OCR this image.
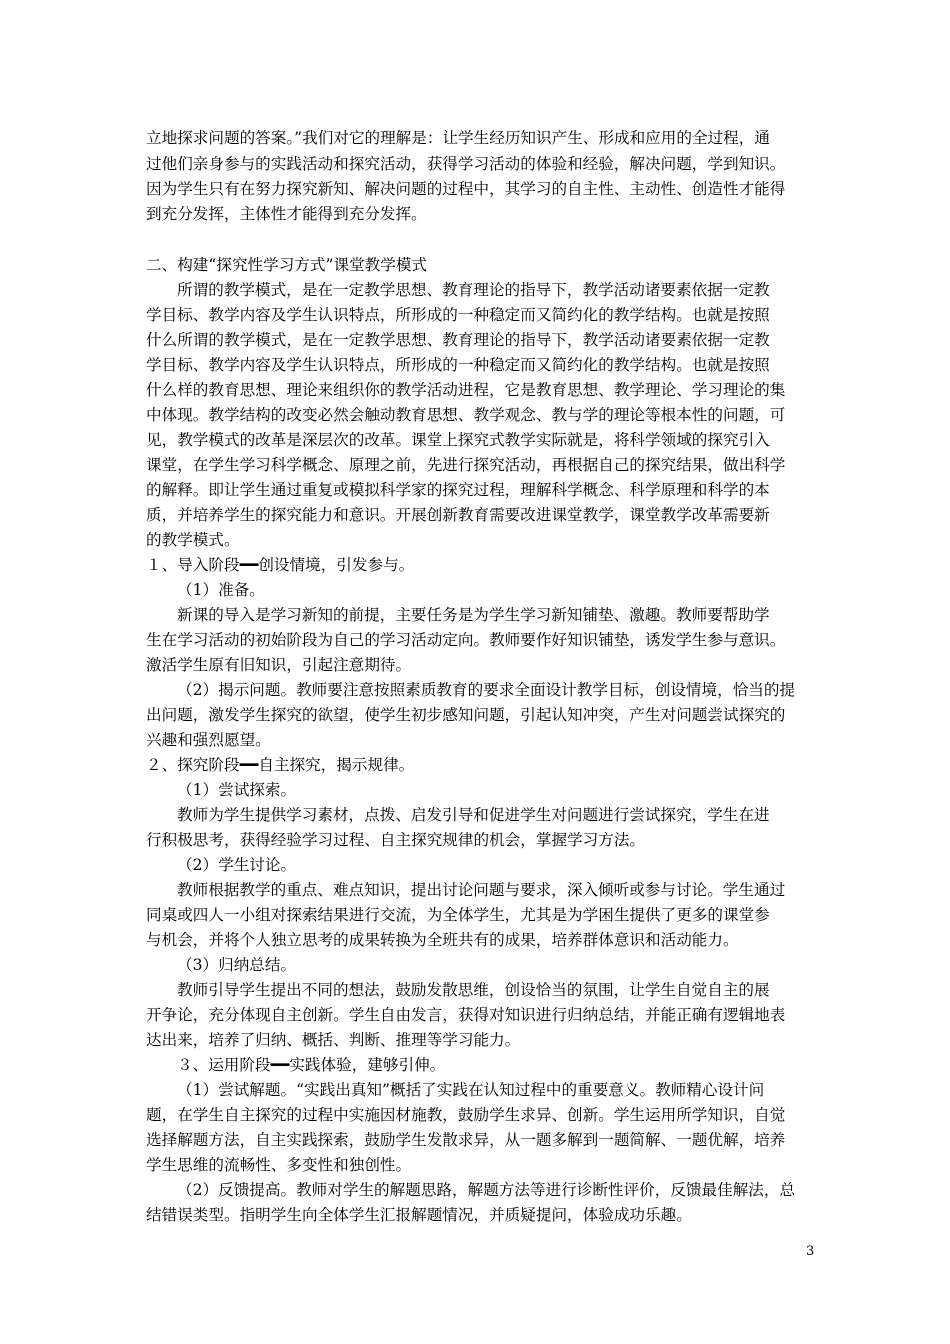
立地探求问题的答案。”我们对它的理解是：让学生经历知识产生、形成和应用的全过程，通
过他们亲身参与的实践活动和探究活动，获得学习活动的体验和经验，解决问题，学到知识。
因为学生只有在努力探究新知、解决问题的过程中，其学习的自主性、主动性、创造性才能得
到充分发挥，主体性才能得到充分发挥。
二、构建“探究性学习方式”课堂教学模式
所谓的教学模式，是在一定教学思想、教育理论的指导下，教学活动诸要素依据一定教
学目标、教学内容及学生认识特点，所形成的一种稳定而又简约化的教学结构。也就是按照
什么所谓的教学模式，是在一定教学思想、教育理论的指导下，教学活动诸要素依据一定教
学目标、教学内容及学生认识特点，所形成的一种稳定而又简约化的教学结构。也就是按照
什么样的教育思想、理论来组织你的教学活动进程，它是教育思想、教学理论、学习理论的集
中体现。教学结构的改变必然会触动教育思想、教学观念、教与学的理论等根本性的问题，可
见，教学模式的改革是深层次的改革。课堂上探究式教学实际就是，将科学领域的探究引入
课堂，在学生学习科学概念、原理之前，先进行探究活动，再根据自己的探究结果，做出科学
的解释。即让学生通过重复或模拟科学家的探究过程，理解科学概念、科学原理和科学的本
质，并培养学生的探究能力和意识。开展创新教育需要改进课堂教学，课堂教学改革需要新
的教学模式。
１、导入阶段━━创设情境，引发参与。
（1）准备。
新课的导入是学习新知的前提，主要任务是为学生学习新知铺垫、激趣。教师要帮助学
生在学习活动的初始阶段为自己的学习活动定向。教师要作好知识铺垫，诱发学生参与意识。
激活学生原有旧知识，引起注意期待。
（2）揭示问题。教师要注意按照素质教育的要求全面设计教学目标，创设情境，恰当的提
出问题，激发学生探究的欲望，使学生初步感知问题，引起认知冲突，产生对问题尝试探究的
兴趣和强烈愿望。
２、探究阶段━━自主探究，揭示规律。
（1）尝试探索。
教师为学生提供学习素材，点拨、启发引导和促进学生对问题进行尝试探究，学生在进
行积极思考，获得经验学习过程、自主探究规律的机会，掌握学习方法。
（2）学生讨论。
教师根据教学的重点、难点知识，提出讨论问题与要求，深入倾听或参与讨论。学生通过
同桌或四人一小组对探索结果进行交流，为全体学生，尤其是为学困生提供了更多的课堂参
与机会，并将个人独立思考的成果转换为全班共有的成果，培养群体意识和活动能力。
（3）归纳总结。
教师引导学生提出不同的想法，鼓励发散思维，创设恰当的氛围，让学生自觉自主的展
开争论，充分体现自主创新。学生自由发言，获得对知识进行归纳总结，并能正确有逻辑地表
达出来，培养了归纳、概括、判断、推理等学习能力。
３、运用阶段━━实践体验，建够引伸。
（1）尝试解题。“实践出真知”概括了实践在认知过程中的重要意义。教师精心设计问
题，在学生自主探究的过程中实施因材施教，鼓励学生求异、创新。学生运用所学知识，自觉
选择解题方法，自主实践探索，鼓励学生发散求异，从一题多解到一题简解、一题优解，培养
学生思维的流畅性、多变性和独创性。
（2）反馈提高。教师对学生的解题思路，解题方法等进行诊断性评价，反馈最佳解法，总
结错误类型。指明学生向全体学生汇报解题情况，并质疑提问，体验成功乐趣。
3
